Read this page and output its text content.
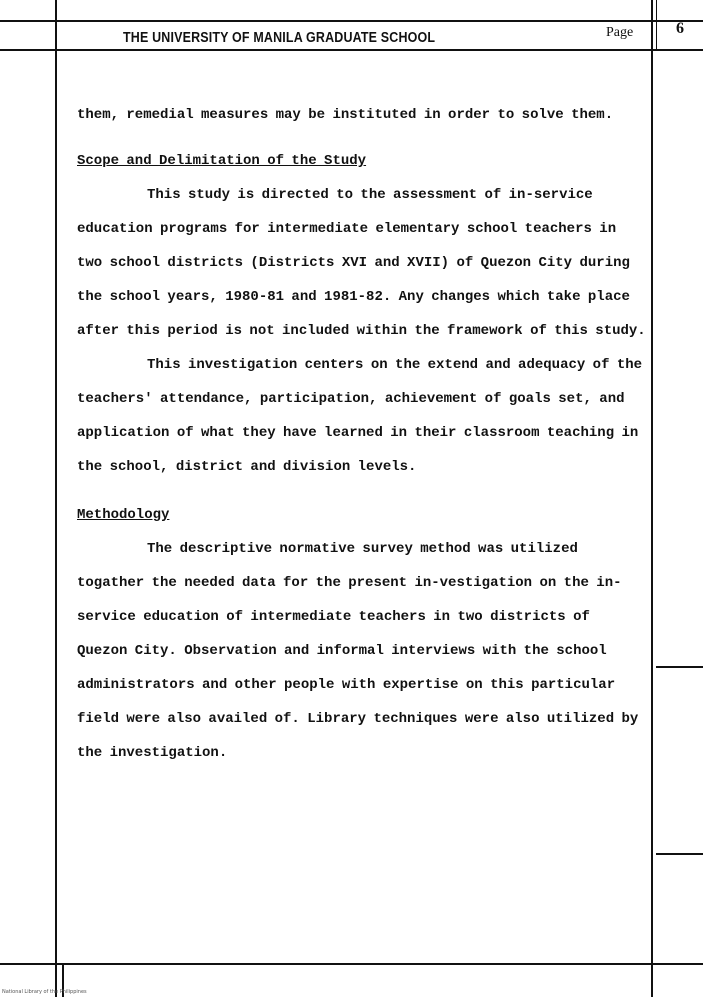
THE UNIVERSITY OF MANILA GRADUATE SCHOOL	Page	6

them, remedial measures may be instituted in order to solve them.

Scope and Delimitation of the Study

This study is directed to the assessment of in-service education programs for intermediate elementary school teachers in two school districts (Districts XVI and XVII) of Quezon City during the school years, 1980-81 and 1981-82. Any changes which take place after this period is not included within the framework of this study.

This investigation centers on the extend and adequacy of the teachers' attendance, participation, achievement of goals set, and application of what they have learned in their classroom teaching in the school, district and division levels.

Methodology

The descriptive normative survey method was utilized togather the needed data for the present in-vestigation on the in-service education of intermediate teachers in two districts of Quezon City. Observation and informal interviews with the school administrators and other people with expertise on this particular field were also availed of. Library techniques were also utilized by the investigation.

National Library of the Philippines
